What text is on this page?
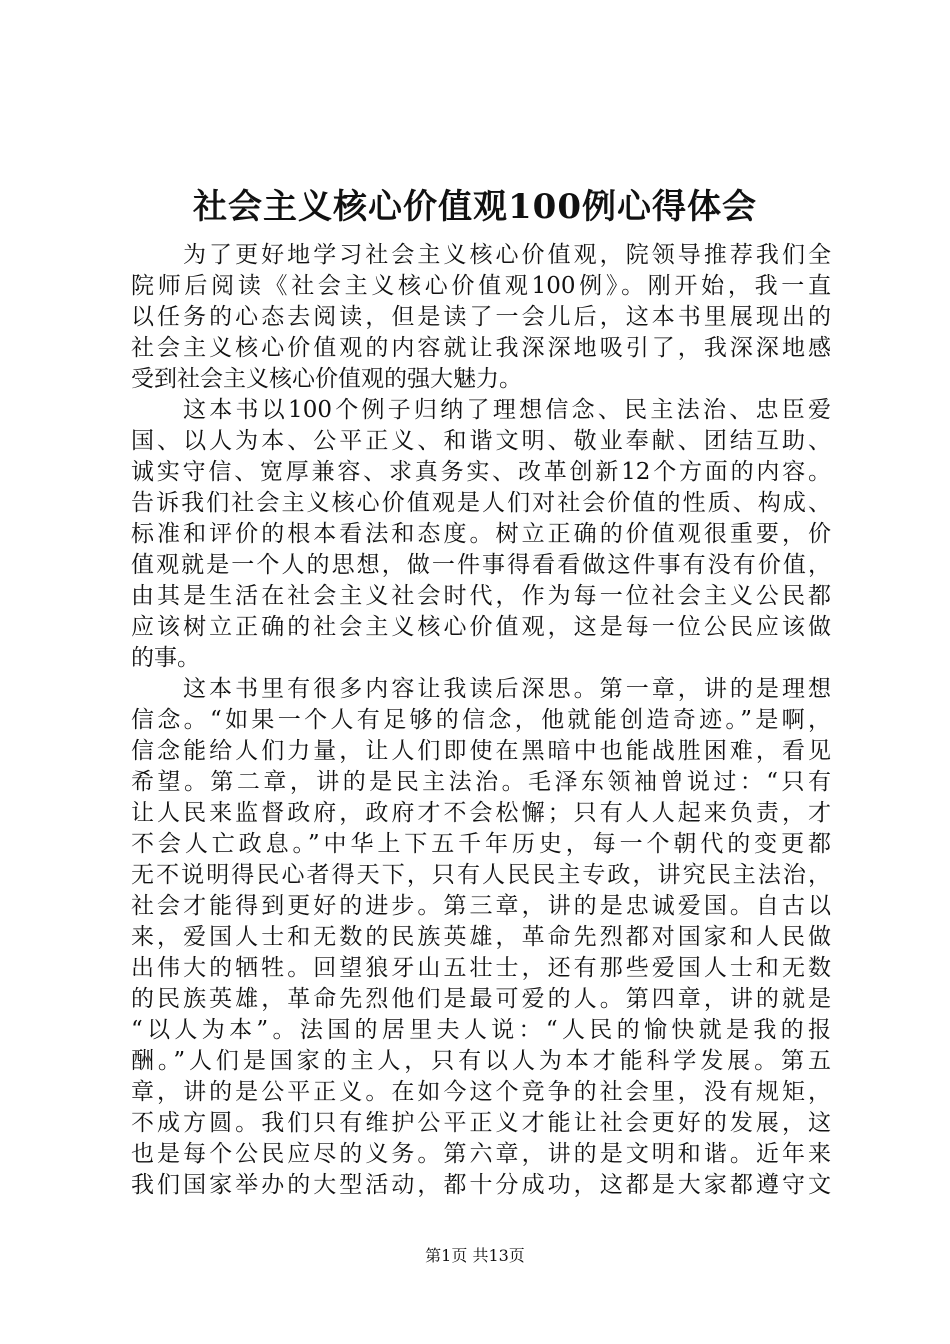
社会主义核心价值观100例心得体会
为了更好地学习社会主义核心价值观，院领导推荐我们全
院师后阅读《社会主义核心价值观100例》。刚开始，我一直
以任务的心态去阅读，但是读了一会儿后，这本书里展现出的
社会主义核心价值观的内容就让我深深地吸引了，我深深地感
受到社会主义核心价值观的强大魅力。
这本书以100个例子归纳了理想信念、民主法治、忠臣爱
国、以人为本、公平正义、和谐文明、敬业奉献、团结互助、
诚实守信、宽厚兼容、求真务实、改革创新12个方面的内容。
告诉我们社会主义核心价值观是人们对社会价值的性质、构成、
标准和评价的根本看法和态度。树立正确的价值观很重要，价
值观就是一个人的思想，做一件事得看看做这件事有没有价值，
由其是生活在社会主义社会时代，作为每一位社会主义公民都
应该树立正确的社会主义核心价值观，这是每一位公民应该做
的事。
这本书里有很多内容让我读后深思。第一章，讲的是理想
信念。“如果一个人有足够的信念，他就能创造奇迹。”是啊，
信念能给人们力量，让人们即使在黑暗中也能战胜困难，看见
希望。第二章，讲的是民主法治。毛泽东领袖曾说过：“只有
让人民来监督政府，政府才不会松懈；只有人人起来负责，才
不会人亡政息。”中华上下五千年历史，每一个朝代的变更都
无不说明得民心者得天下，只有人民民主专政，讲究民主法治，
社会才能得到更好的进步。第三章，讲的是忠诚爱国。自古以
来，爱国人士和无数的民族英雄，革命先烈都对国家和人民做
出伟大的牺牲。回望狼牙山五壮士，还有那些爱国人士和无数
的民族英雄，革命先烈他们是最可爱的人。第四章，讲的就是
“以人为本”。法国的居里夫人说：“人民的愉快就是我的报
酬。”人们是国家的主人，只有以人为本才能科学发展。第五
章，讲的是公平正义。在如今这个竞争的社会里，没有规矩，
不成方圆。我们只有维护公平正义才能让社会更好的发展，这
也是每个公民应尽的义务。第六章，讲的是文明和谐。近年来
我们国家举办的大型活动，都十分成功，这都是大家都遵守文
第1页 共13页
